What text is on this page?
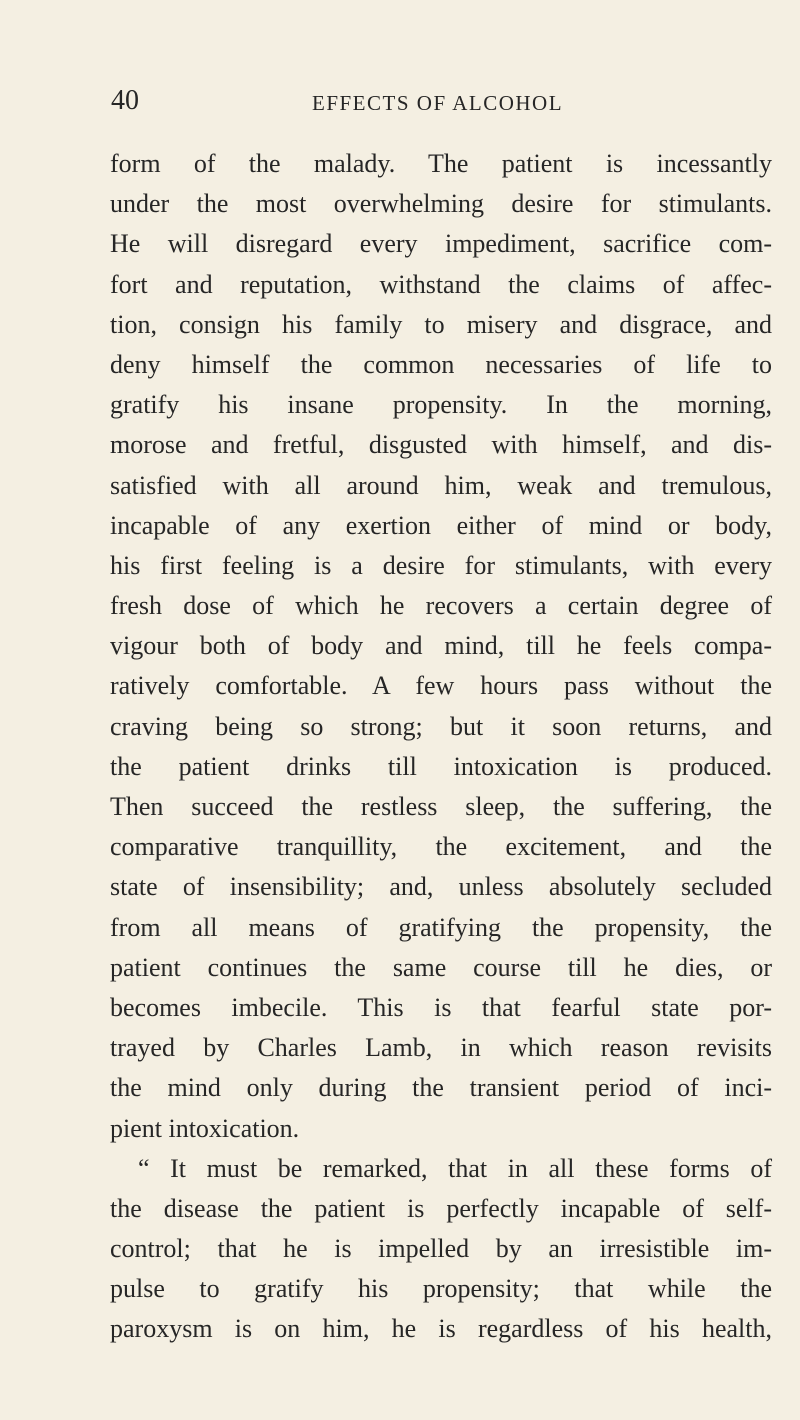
40	EFFECTS OF ALCOHOL
form of the malady. The patient is incessantly
under the most overwhelming desire for stimulants.
He will disregard every impediment, sacrifice com-
fort and reputation, withstand the claims of affec-
tion, consign his family to misery and disgrace, and
deny himself the common necessaries of life to
gratify his insane propensity. In the morning,
morose and fretful, disgusted with himself, and dis-
satisfied with all around him, weak and tremulous,
incapable of any exertion either of mind or body,
his first feeling is a desire for stimulants, with every
fresh dose of which he recovers a certain degree of
vigour both of body and mind, till he feels compa-
ratively comfortable. A few hours pass without the
craving being so strong; but it soon returns, and
the patient drinks till intoxication is produced.
Then succeed the restless sleep, the suffering, the
comparative tranquillity, the excitement, and the
state of insensibility; and, unless absolutely secluded
from all means of gratifying the propensity, the
patient continues the same course till he dies, or
becomes imbecile. This is that fearful state por-
trayed by Charles Lamb, in which reason revisits
the mind only during the transient period of inci-
pient intoxication.
“ It must be remarked, that in all these forms of
the disease the patient is perfectly incapable of self-
control; that he is impelled by an irresistible im-
pulse to gratify his propensity; that while the
paroxysm is on him, he is regardless of his health,
